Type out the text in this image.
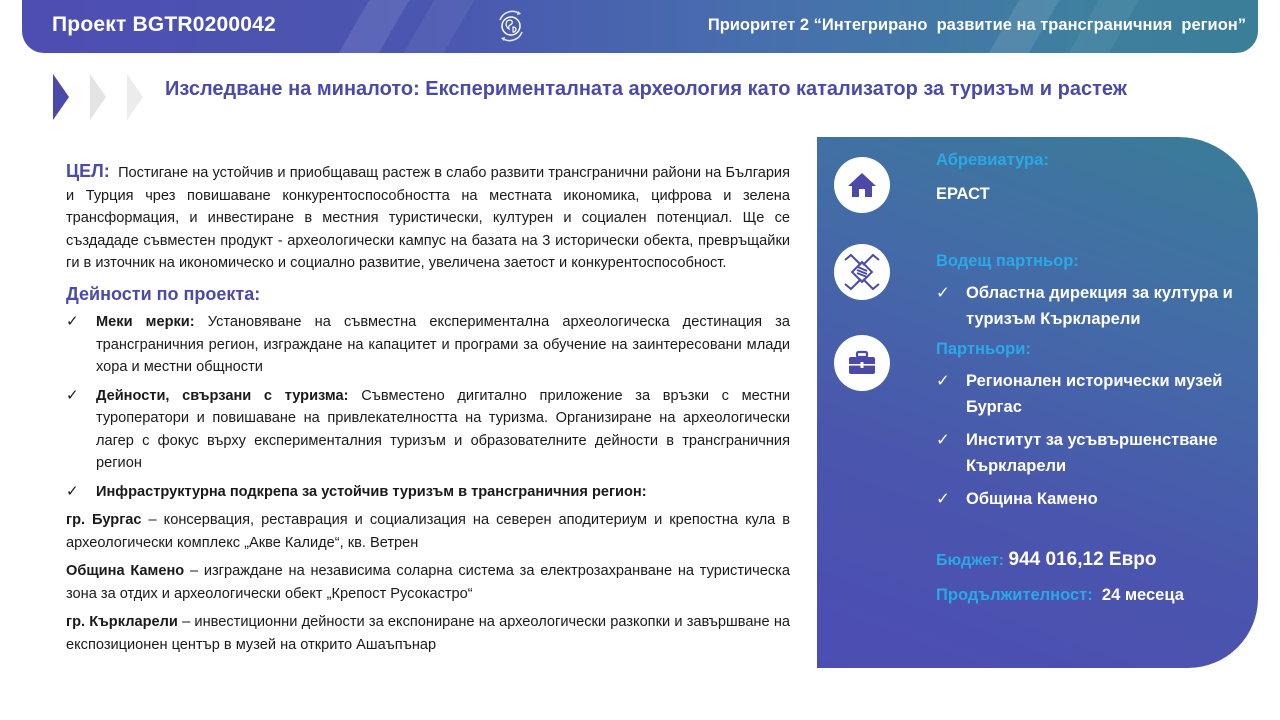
Проект BGTR0200042	Приоритет 2 “Интегрирано  развитие на трансграничния  регион”
Изследване на миналото: Експерименталната археология като катализатор за туризъм и растеж
ЦЕЛ: Постигане на устойчив и приобщаващ растеж в слабо развити трансгранични райони на България и Турция чрез повишаване конкурентоспособността на местната икономика, цифрова и зелена трансформация, и инвестиране в местния туристически, културен и социален потенциал. Ще се създададе съвместен продукт - археологически кампус на базата на 3 исторически обекта, превръщайки ги в източник на икономическо и социално развитие, увеличена заетост и конкурентоспособност.
Дейности по проекта:
✓ Меки мерки: Установяване на съвместна експериментална археологическа дестинация за трансграничния регион, изграждане на капацитет и програми за обучение на заинтересовани млади хора и местни общности
✓ Дейности, свързани с туризма: Съвместено дигитално приложение за връзки с местни туроператори и повишаване на привлекателността на туризма. Организиране на археологически лагер с фокус върху експерименталния туризъм и образователните дейности в трансграничния регион
✓ Инфраструктурна подкрепа за устойчив туризъм в трансграничния регион:
гр. Бургас – консервация, реставрация и социализация на северен аподитериум и крепостна кула в археологически комплекс „Акве Калиде“, кв. Ветрен
Община Камено – изграждане на независима соларна система за електрозахранване на туристическа зона за отдих и археологически обект „Крепост Русокастро“
гр. Къркларели – инвестиционни дейности за експониране на археологически разкопки и завършване на експозиционен център в музей на открито Ашаъпънар
Абревиатура:
ЕРАСТ
Водещ партньор:
✓ Областна дирекция за култура и туризъм Къркларели
Партньори:
✓ Регионален исторически музей Бургас
✓ Институт за усъвършенстване Къркларели
✓ Община Камено
Бюджет: 944 016,12 Евро
Продължителност: 24 месеца
